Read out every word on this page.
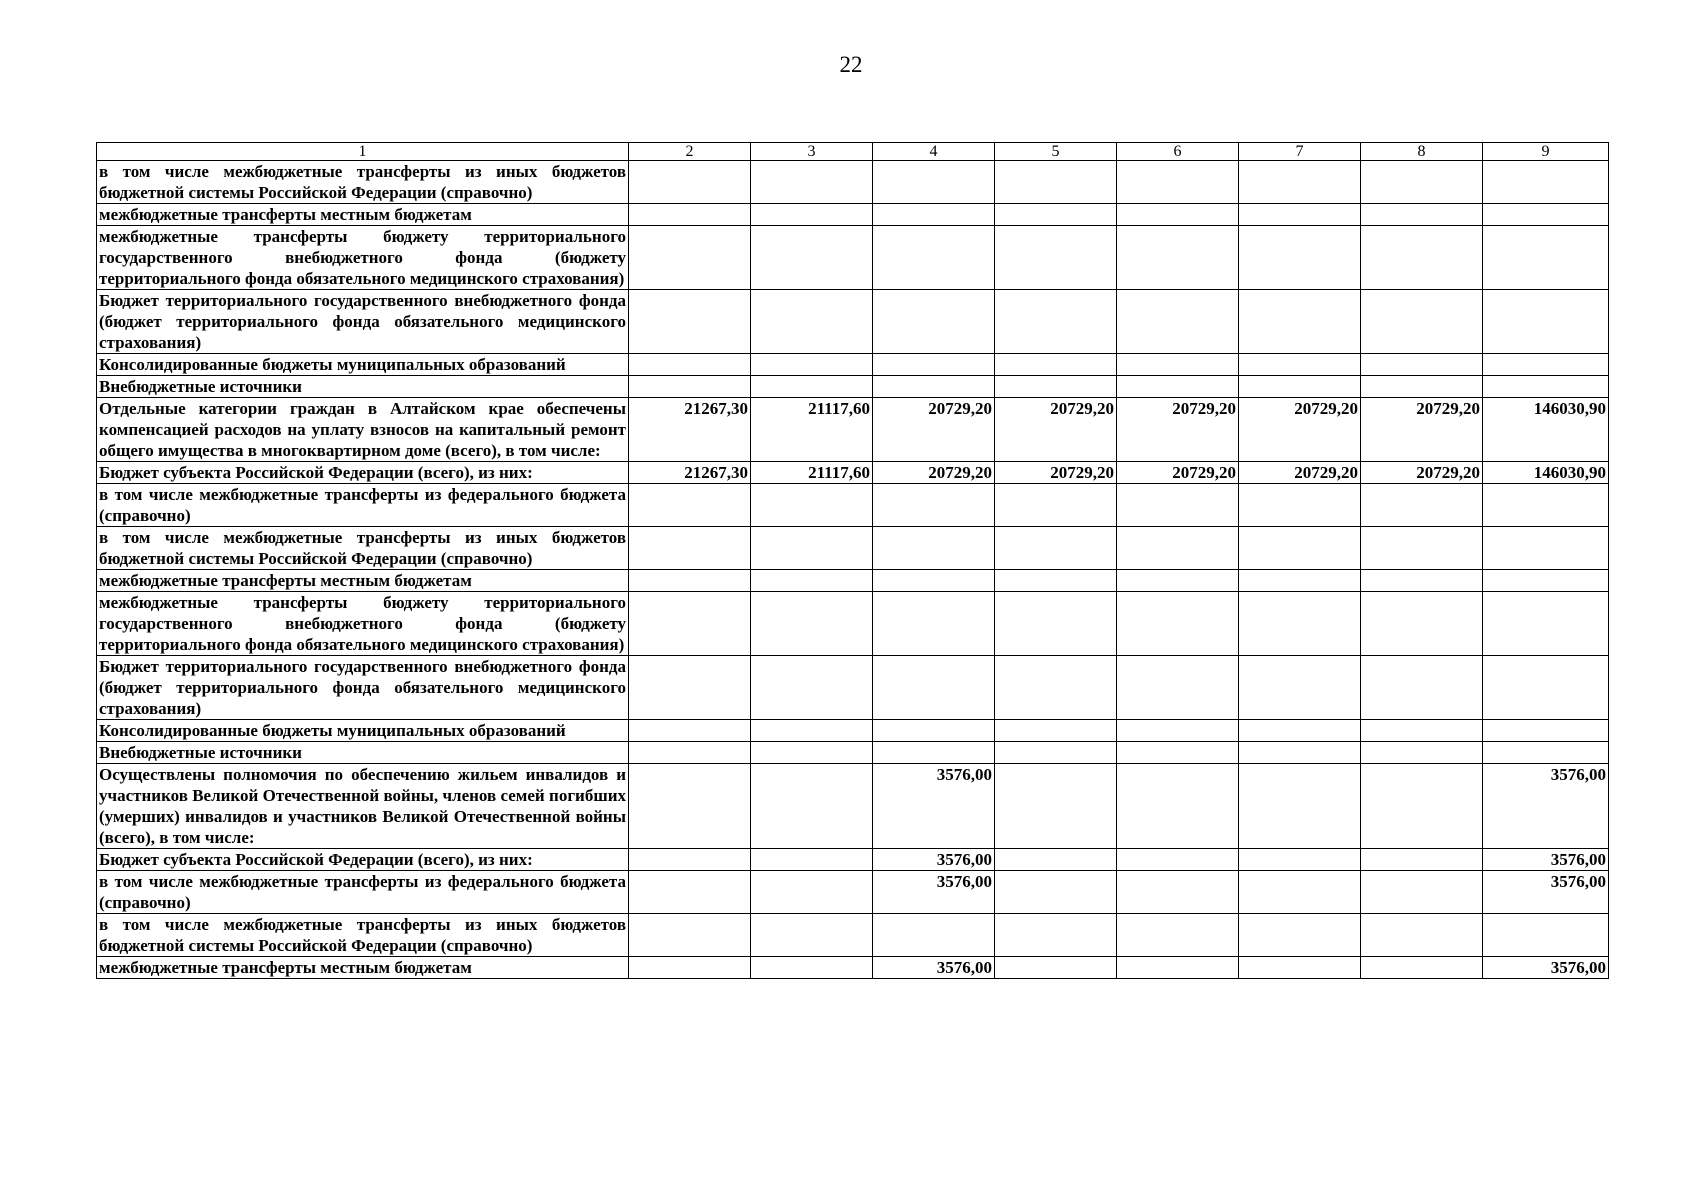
22
1	2	3	4	5	6	7	8	9
в том числе межбюджетные трансферты из иных бюджетов бюджетной системы Российской Федерации (справочно)								
межбюджетные трансферты местным бюджетам								
межбюджетные трансферты бюджету территориального государственного внебюджетного фонда (бюджету территориального фонда обязательного медицинского страхования)								
Бюджет территориального государственного внебюджетного фонда (бюджет территориального фонда обязательного медицинского страхования)								
Консолидированные бюджеты муниципальных образований								
Внебюджетные источники								
Отдельные категории граждан в Алтайском крае обеспечены компенсацией расходов на уплату взносов на капитальный ремонт общего имущества в многоквартирном доме (всего), в том числе:	21267,30	21117,60	20729,20	20729,20	20729,20	20729,20	20729,20	146030,90
Бюджет субъекта Российской Федерации (всего), из них:	21267,30	21117,60	20729,20	20729,20	20729,20	20729,20	20729,20	146030,90
в том числе межбюджетные трансферты из федерального бюджета (справочно)								
в том числе межбюджетные трансферты из иных бюджетов бюджетной системы Российской Федерации (справочно)								
межбюджетные трансферты местным бюджетам								
межбюджетные трансферты бюджету территориального государственного внебюджетного фонда (бюджету территориального фонда обязательного медицинского страхования)								
Бюджет территориального государственного внебюджетного фонда (бюджет территориального фонда обязательного медицинского страхования)								
Консолидированные бюджеты муниципальных образований								
Внебюджетные источники								
Осуществлены полномочия по обеспечению жильем инвалидов и участников Великой Отечественной войны, членов семей погибших (умерших) инвалидов и участников Великой Отечественной войны (всего), в том числе:			3576,00					3576,00
Бюджет субъекта Российской Федерации (всего), из них:			3576,00					3576,00
в том числе межбюджетные трансферты из федерального бюджета (справочно)			3576,00					3576,00
в том числе межбюджетные трансферты из иных бюджетов бюджетной системы Российской Федерации (справочно)								
межбюджетные трансферты местным бюджетам			3576,00					3576,00
